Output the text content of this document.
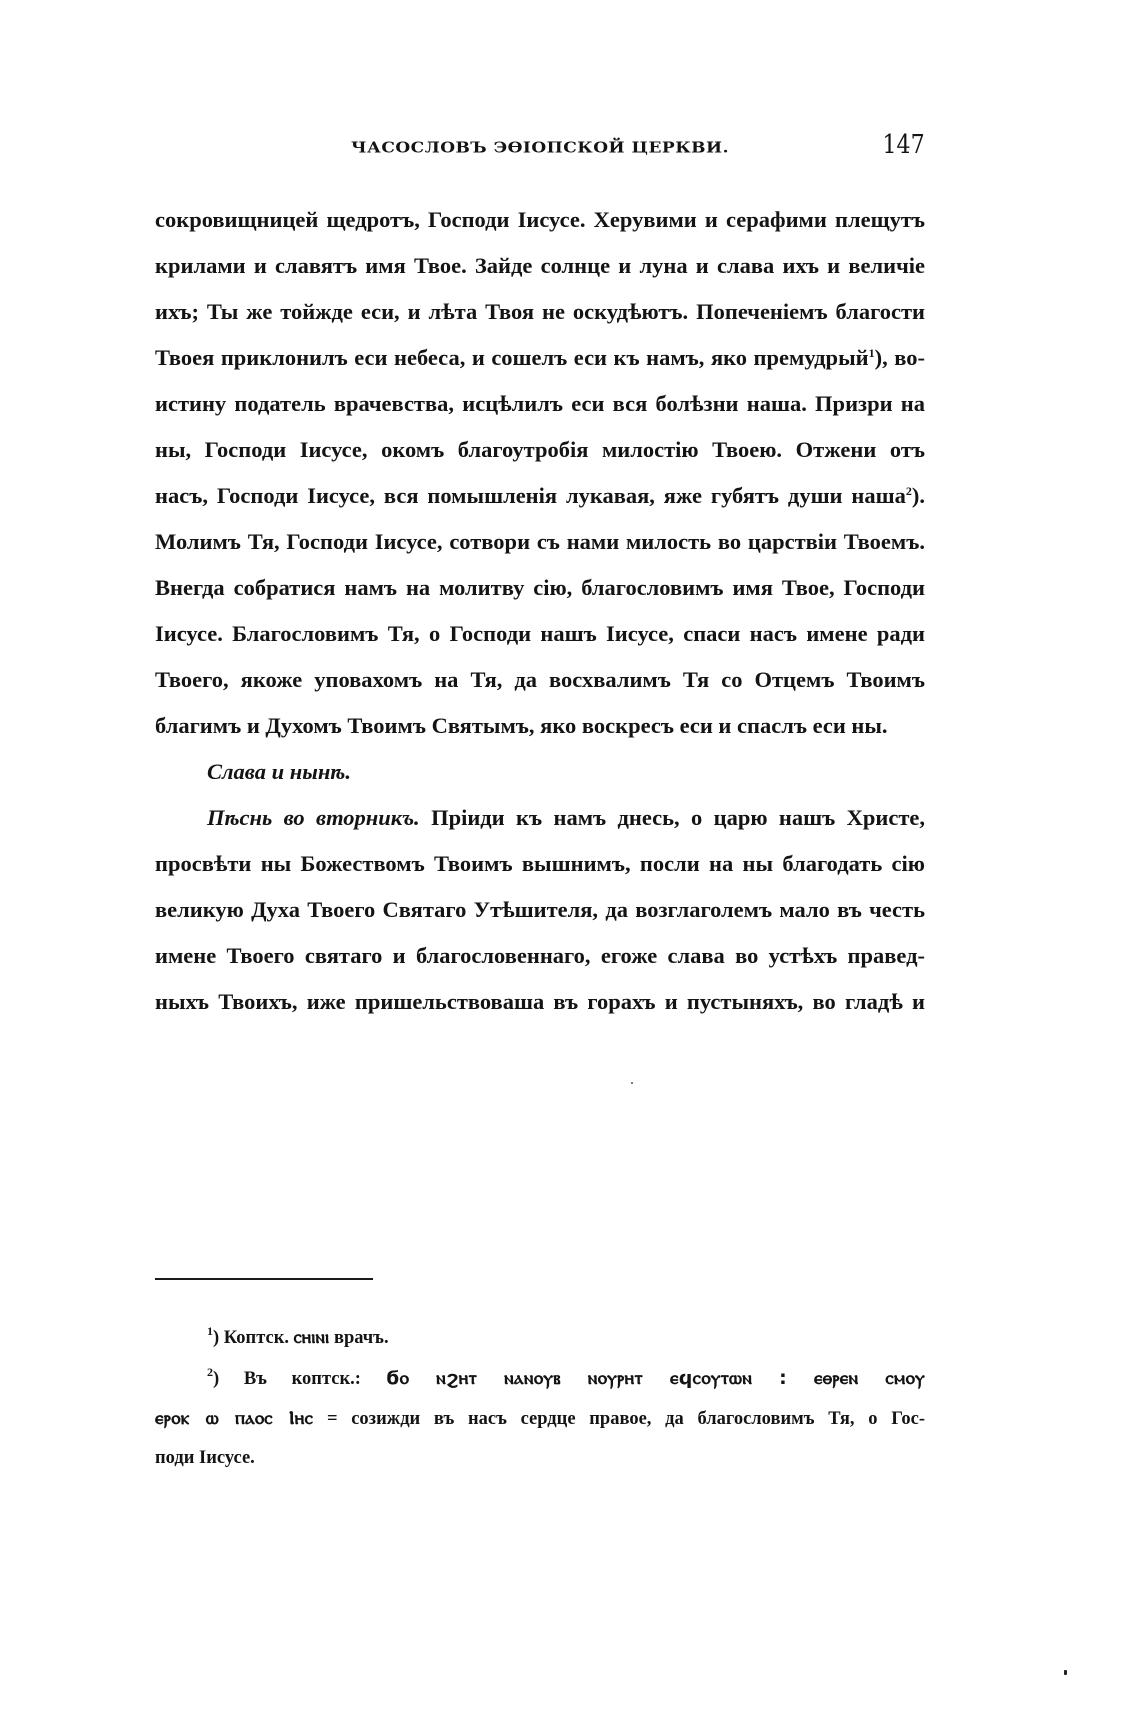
ЧАСОСЛОВЪ ЭѲІОПСКОЙ ЦЕРКВИ.	147
сокровищницей щедротъ, Господи Іисусе. Херувими и серафими плещутъ
крилами и славятъ имя Твое. Зайде солнце и луна и слава ихъ и величіе
ихъ; Ты же тойжде еси, и лѣта Твоя не оскудѣютъ. Попеченіемъ благости
Твоея приклонилъ еси небеса, и сошелъ еси къ намъ, яко премудрый$^1$), во-
истину податель врачевства, исцѣлилъ еси вся болѣзни наша. Призри на
ны, Господи Іисусе, окомъ благоутробія милостію Твоею. Отжени отъ
насъ, Господи Іисусе, вся помышленія лукавая, яже губятъ души наша$^2$).
Молимъ Тя, Господи Іисусе, сотвори съ нами милость во царствіи Твоемъ.
Внегда собратися намъ на молитву сію, благословимъ имя Твое, Господи
Іисусе. Благословимъ Тя, о Господи нашъ Іисусе, спаси насъ имене ради
Твоего, якоже уповахомъ на Тя, да восхвалимъ Тя со Отцемъ Твоимъ
благимъ и Духомъ Твоимъ Святымъ, яко воскресъ еси и спаслъ еси ны.
Слава и нынѣ.
Пѣснь во вторникъ. Пріиди къ намъ днесь, о царю нашъ Христе,
просвѣти ны Божествомъ Твоимъ вышнимъ, посли на ны благодать сію
великую Духа Твоего Святаго Утѣшителя, да возглаголемъ мало въ честь
имене Твоего святаго и благословеннаго, егоже слава во устѣхъ правед-
ныхъ Твоихъ, иже пришельствоваша въ горахъ и пустыняхъ, во гладѣ и
$^1$) Коптск. ⲥⲏⲓⲛⲓ врачъ.
$^2$) Въ коптск.: ϭⲟ ⲛϩⲏⲧ ⲛⲁⲛⲟⲩⲃ ⲛⲟⲩⲣⲏⲧ ⲉϥⲥⲟⲩⲧⲱⲛ : ⲉⲑⲣⲉⲛ ⲥⲙⲟⲩ
ⲉⲣⲟⲕ ⲱ ⲡⲁⲟⲥ Ⲓⲏⲥ = созижди въ насъ сердце правое, да благословимъ Тя, о Гос-
поди Іисусе.
